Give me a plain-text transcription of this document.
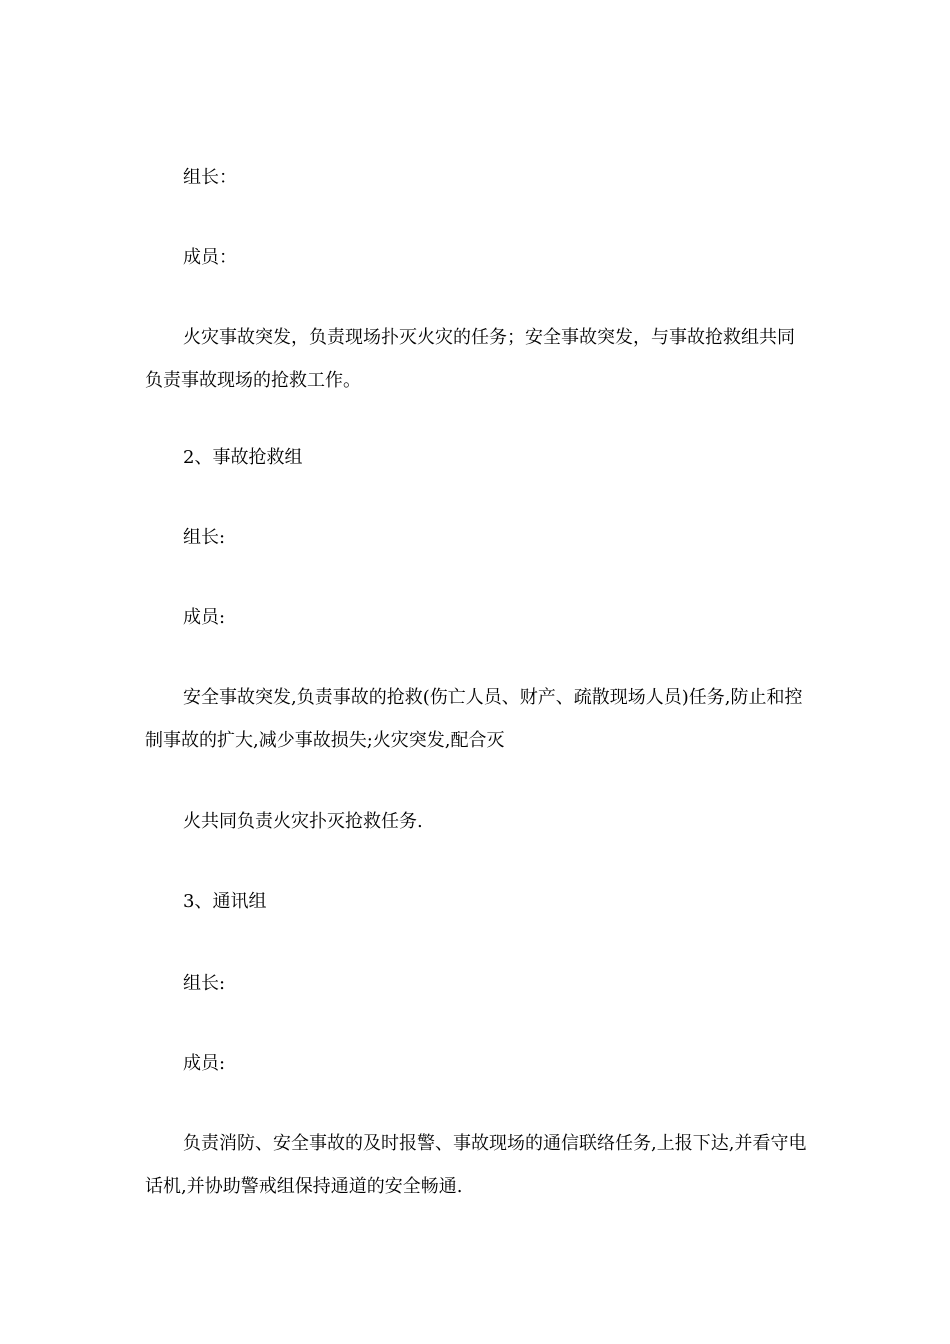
组长：

成员：

火灾事故突发，负责现场扑灭火灾的任务；安全事故突发，与事故抢救组共同负责事故现场的抢救工作。

2、事故抢救组

组长:

成员:

安全事故突发,负责事故的抢救(伤亡人员、财产、疏散现场人员)任务,防止和控制事故的扩大,减少事故损失;火灾突发,配合灭

火共同负责火灾扑灭抢救任务.

3、通讯组

组长:

成员:

负责消防、安全事故的及时报警、事故现场的通信联络任务,上报下达,并看守电话机,并协助警戒组保持通道的安全畅通.
